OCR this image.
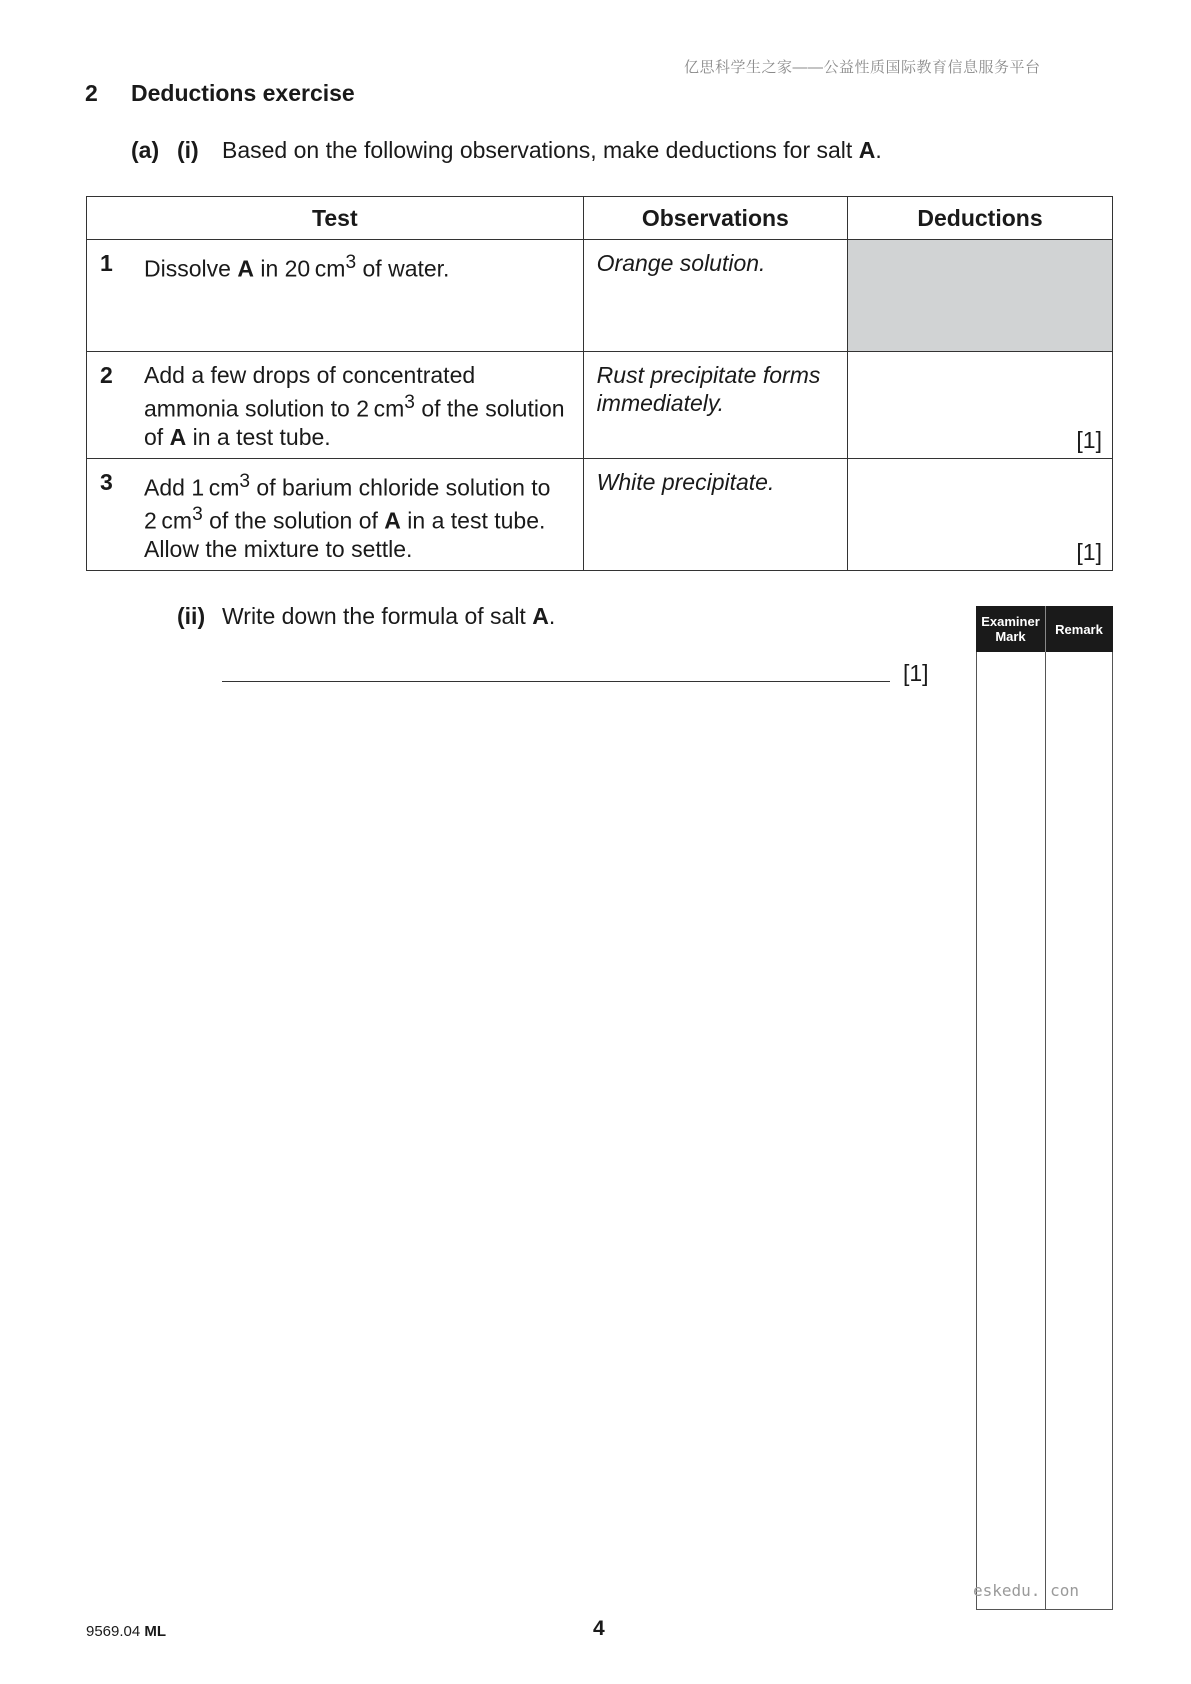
亿思科学生之家——公益性质国际教育信息服务平台
2 Deductions exercise
(a) (i) Based on the following observations, make deductions for salt A.
Test	Observations	Deductions

1 Dissolve A in 20 $cm^3$ of water.	Orange solution.	

2 Add a few drops of concentrated ammonia solution to 2 $cm^3$ of the solution of A in a test tube.	Rust precipitate forms immediately.	[1]

3 Add 1 $cm^3$ of barium chloride solution to 2 $cm^3$ of the solution of A in a test tube. Allow the mixture to settle.	White precipitate.	[1]
(ii) Write down the formula of salt A.
[1]
Examiner
Mark	Remark
eskedu. con
9569.04 ML	4
